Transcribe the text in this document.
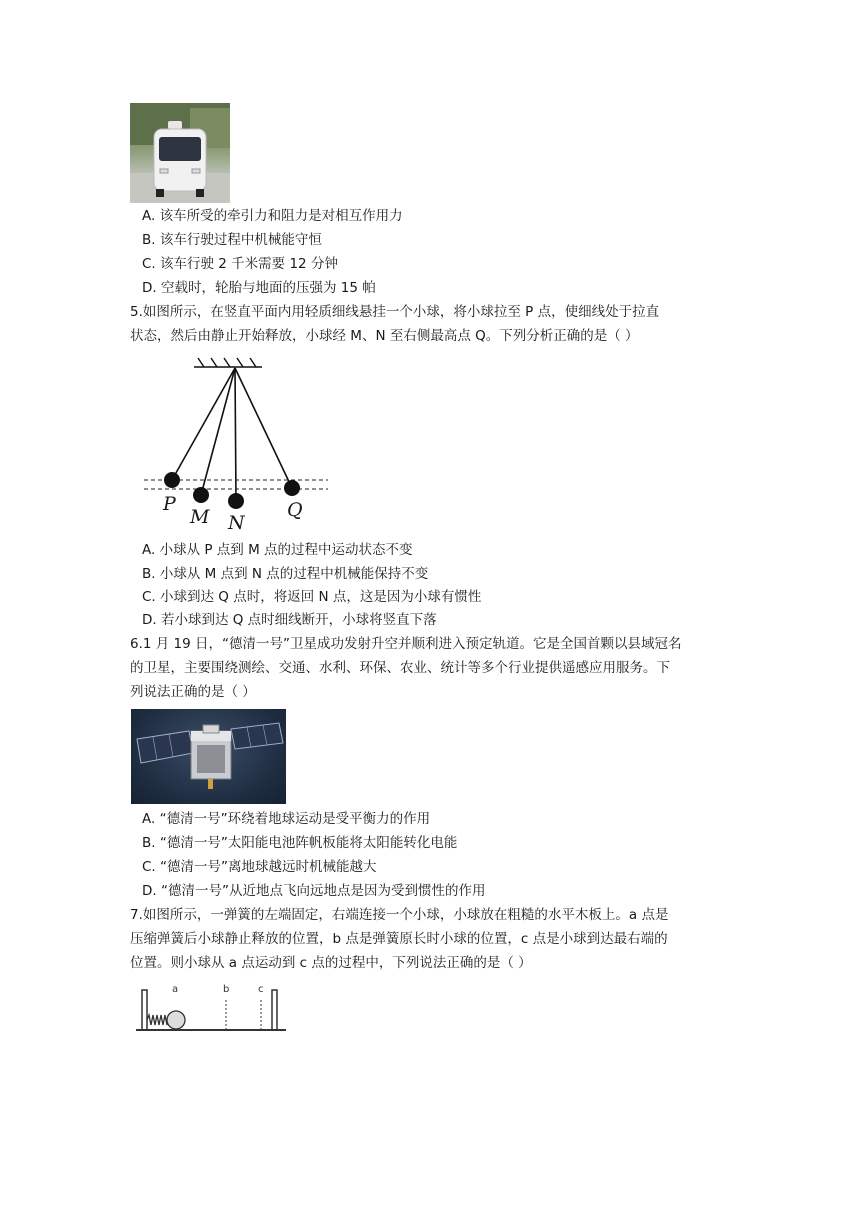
A. 该车所受的牵引力和阻力是对相互作用力
B. 该车行驶过程中机械能守恒
C. 该车行驶 2 千米需要 12 分钟
D. 空载时，轮胎与地面的压强为 15 帕
5.如图所示，在竖直平面内用轻质细线悬挂一个小球，将小球拉至 P 点，使细线处于拉直
状态，然后由静止开始释放，小球经 M、N 至右侧最高点 Q。下列分析正确的是（ ）
P
M N
Q
A. 小球从 P 点到 M 点的过程中运动状态不变
B. 小球从 M 点到 N 点的过程中机械能保持不变
C. 小球到达 Q 点时，将返回 N 点，这是因为小球有惯性
D. 若小球到达 Q 点时细线断开，小球将竖直下落
6.1 月 19 日，“德清一号”卫星成功发射升空并顺利进入预定轨道。它是全国首颗以县域冠名
的卫星，主要围绕测绘、交通、水利、环保、农业、统计等多个行业提供遥感应用服务。下
列说法正确的是（ ）
A. “德清一号”环绕着地球运动是受平衡力的作用
B. “德清一号”太阳能电池阵帆板能将太阳能转化电能
C. “德清一号”离地球越远时机械能越大
D. “德清一号”从近地点飞向远地点是因为受到惯性的作用
7.如图所示，一弹簧的左端固定，右端连接一个小球，小球放在粗糙的水平木板上。a 点是
压缩弹簧后小球静止释放的位置，b 点是弹簧原长时小球的位置，c 点是小球到达最右端的
位置。则小球从 a 点运动到 c 点的过程中，下列说法正确的是（ ）
a	b	c
